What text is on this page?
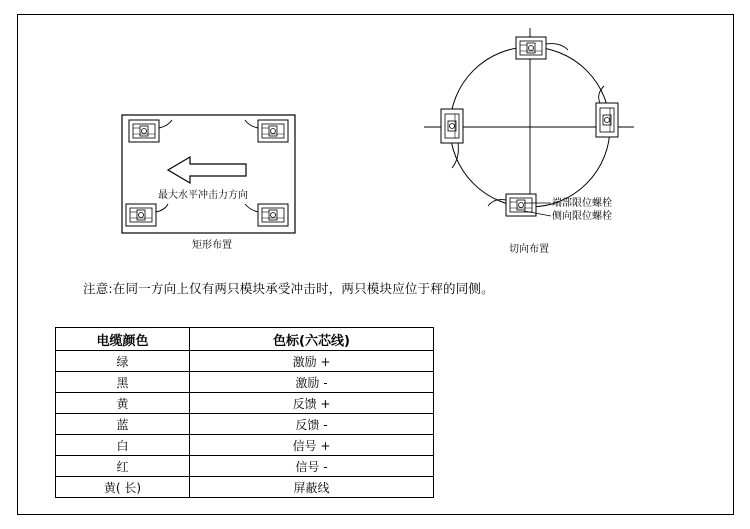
最大水平冲击力方向
端部限位螺栓
侧向限位螺栓
矩形布置	切向布置
注意:在同一方向上仅有两只模块承受冲击时，两只模块应位于秤的同侧。
电缆颜色	色标(六芯线)
绿	激励 +
黑	激励 -
黄	反馈 +
蓝	反馈 -
白	信号 +
红	信号 -
黄( 长)	屏蔽线
